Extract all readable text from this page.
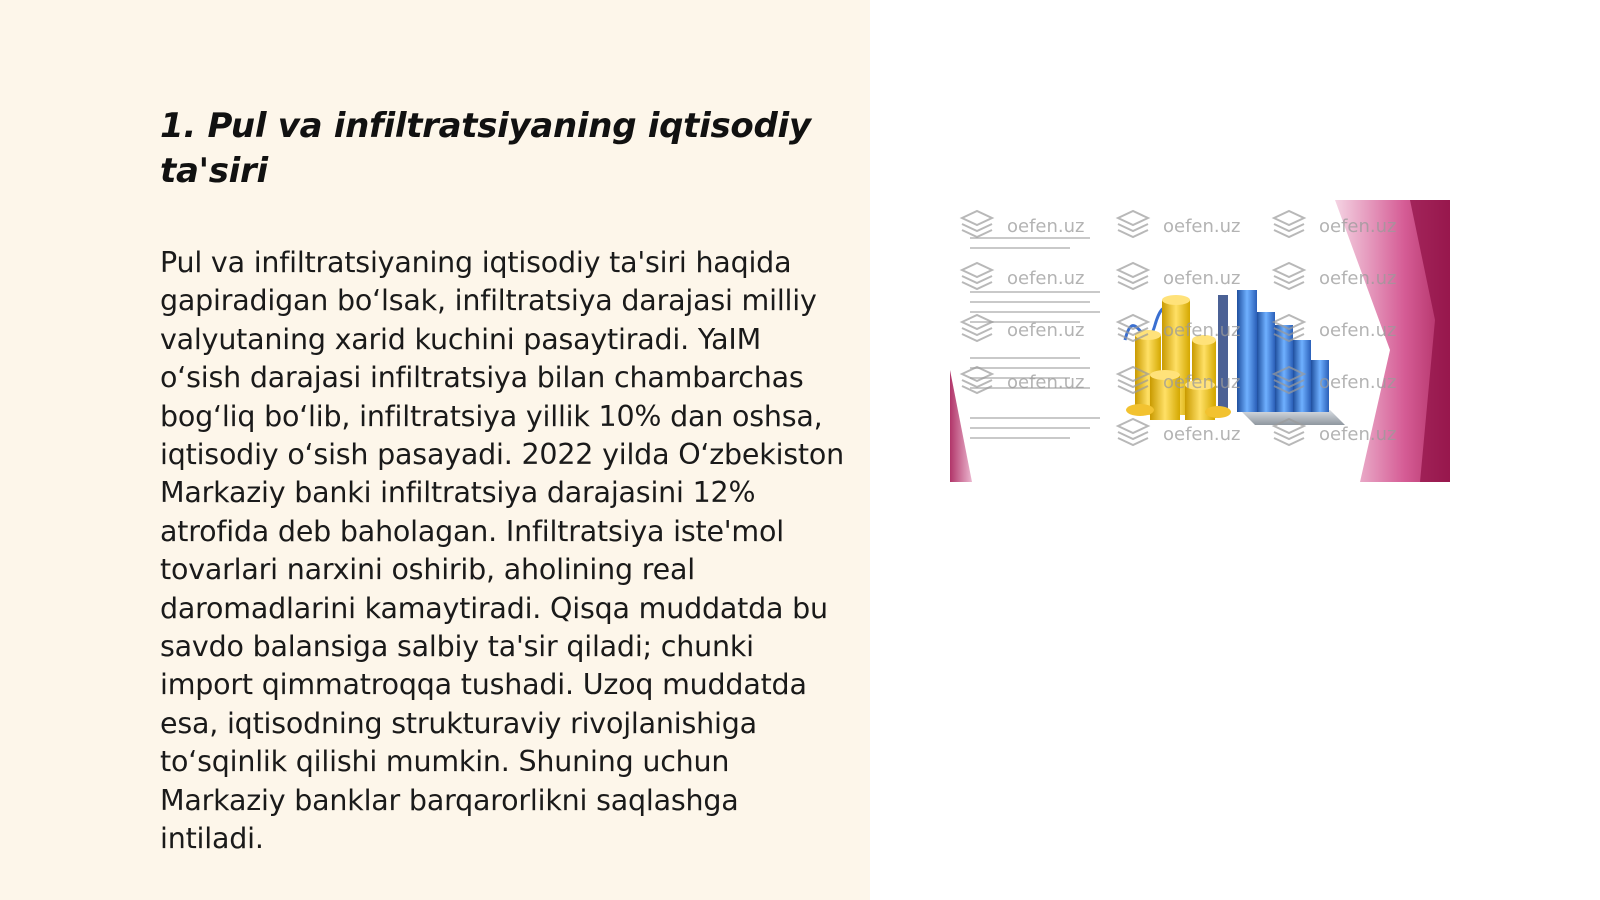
1. Pul va infiltratsiyaning iqtisodiy ta'siri

Pul va infiltratsiyaning iqtisodiy ta'siri haqida gapiradigan bo‘lsak, infiltratsiya darajasi milliy valyutaning xarid kuchini pasaytiradi. YaIM o‘sish darajasi infiltratsiya bilan chambarchas bog‘liq bo‘lib, infiltratsiya yillik 10% dan oshsa, iqtisodiy o‘sish pasayadi. 2022 yilda O‘zbekiston Markaziy banki infiltratsiya darajasini 12% atrofida deb baholagan. Infiltratsiya iste'mol tovarlari narxini oshirib, aholining real daromadlarini kamaytiradi. Qisqa muddatda bu savdo balansiga salbiy ta'sir qiladi; chunki import qimmatroqqa tushadi. Uzoq muddatda esa, iqtisodning strukturaviy rivojlanishiga to‘sqinlik qilishi mumkin. Shuning uchun Markaziy banklar barqarorlikni saqlashga intiladi.

oefen.uz	oefen.uz	oefen.uz
oefen.uz	oefen.uz	oefen.uz
oefen.uz	oefen.uz	oefen.uz
oefen.uz	oefen.uz	oefen.uz
oefen.uz	oefen.uz
